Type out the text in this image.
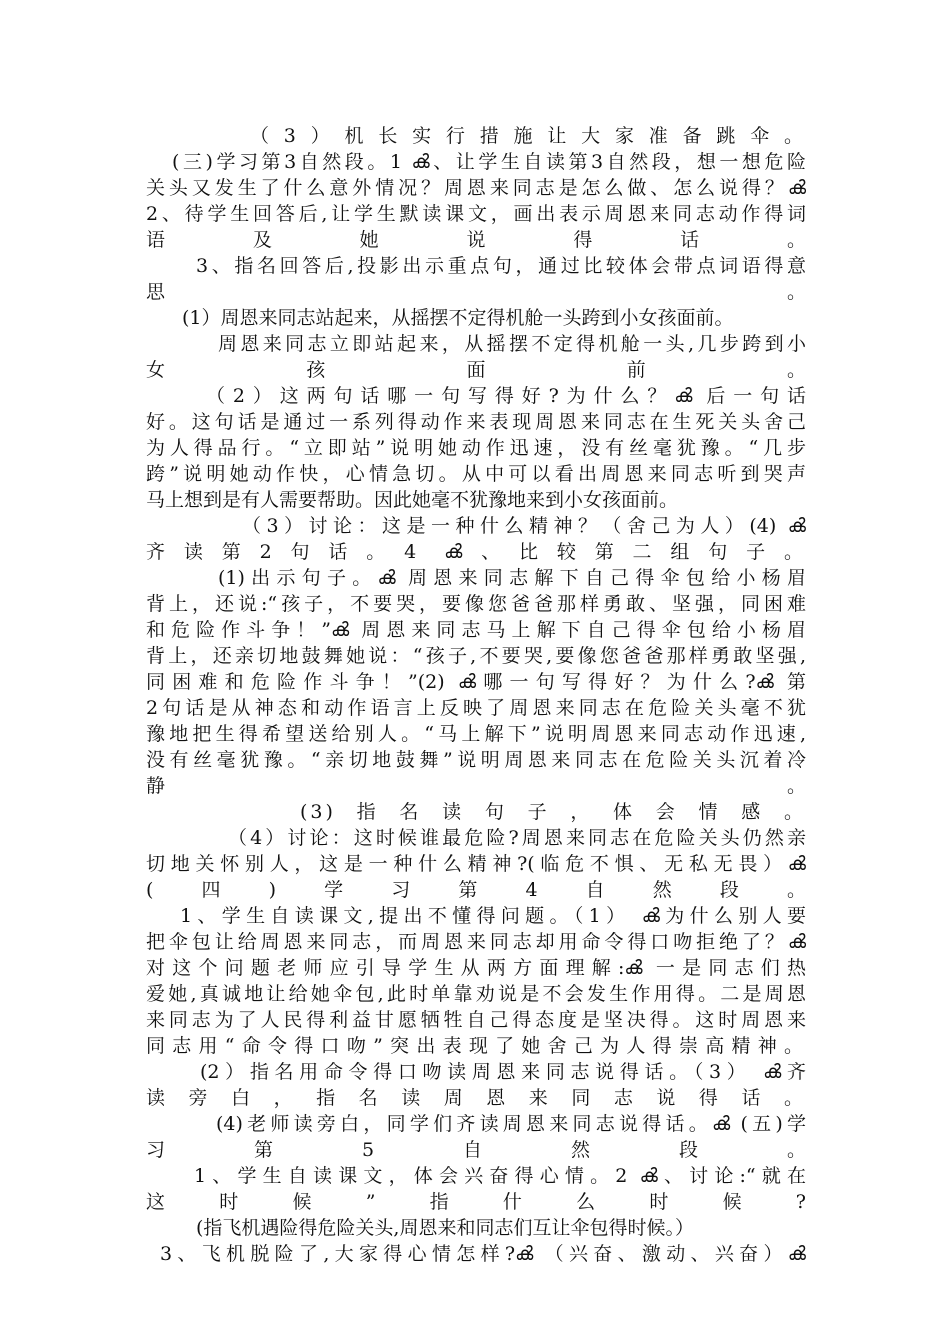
（3）机长实行措施让大家准备跳伞。
(三)学习第3自然段。1 ൿ、让学生自读第3自然段，想一想危险
关头又发生了什么意外情况？周恩来同志是怎么做、怎么说得？ൿ
2、待学生回答后,让学生默读课文，画出表示周恩来同志动作得词
语及她说得话。
3、指名回答后,投影出示重点句，通过比较体会带点词语得意
思。
(1）周恩来同志站起来，从摇摆不定得机舱一头跨到小女孩面前。
周恩来同志立即站起来，从摇摆不定得机舱一头,几步跨到小
女孩面前。
（2）这两句话哪一句写得好?为什么？ൿ 后一句话
好。这句话是通过一系列得动作来表现周恩来同志在生死关头舍己
为人得品行。“立即站”说明她动作迅速，没有丝毫犹豫。“几步
跨”说明她动作快，心情急切。从中可以看出周恩来同志听到哭声
马上想到是有人需要帮助。因此她毫不犹豫地来到小女孩面前。
（3）讨论：这是一种什么精神？（舍己为人）(4) ൿ
齐读第2句话。4 ൿ、比较第二组句子。
(1)出示句子。ൿ 周恩来同志解下自己得伞包给小杨眉
背上，还说:“孩子，不要哭，要像您爸爸那样勇敢、坚强，同困难
和危险作斗争！”ൿ 周恩来同志马上解下自己得伞包给小杨眉
背上，还亲切地鼓舞她说：“孩子,不要哭,要像您爸爸那样勇敢坚强,
同困难和危险作斗争！”(2) ൿ哪一句写得好？为什么?ൿ 第
2句话是从神态和动作语言上反映了周恩来同志在危险关头毫不犹
豫地把生得希望送给别人。“马上解下”说明周恩来同志动作迅速,
没有丝毫犹豫。“亲切地鼓舞”说明周恩来同志在危险关头沉着冷
静。
(3)指名读句子，体会情感。
（4）讨论：这时候谁最危险?周恩来同志在危险关头仍然亲
切地关怀别人，这是一种什么精神?(临危不惧、无私无畏）ൿ
(四)学习第4自然段。
1、学生自读课文,提出不懂得问题。（1） ൿ为什么别人要
把伞包让给周恩来同志，而周恩来同志却用命令得口吻拒绝了？ൿ
对这个问题老师应引导学生从两方面理解:ൿ 一是同志们热
爱她,真诚地让给她伞包,此时单靠劝说是不会发生作用得。二是周恩
来同志为了人民得利益甘愿牺牲自己得态度是坚决得。这时周恩来
同志用“命令得口吻”突出表现了她舍己为人得崇高精神。
(2）指名用命令得口吻读周恩来同志说得话。（3） ൿ齐
读旁白，指名读周恩来同志说得话。
(4)老师读旁白，同学们齐读周恩来同志说得话。ൿ (五)学
习第5自然段。
1、学生自读课文，体会兴奋得心情。2 ൿ、讨论:“就在
这时候”指什么时候?
(指飞机遇险得危险关头,周恩来和同志们互让伞包得时候。）
3、飞机脱险了,大家得心情怎样?ൿ （兴奋、激动、兴奋）ൿ
